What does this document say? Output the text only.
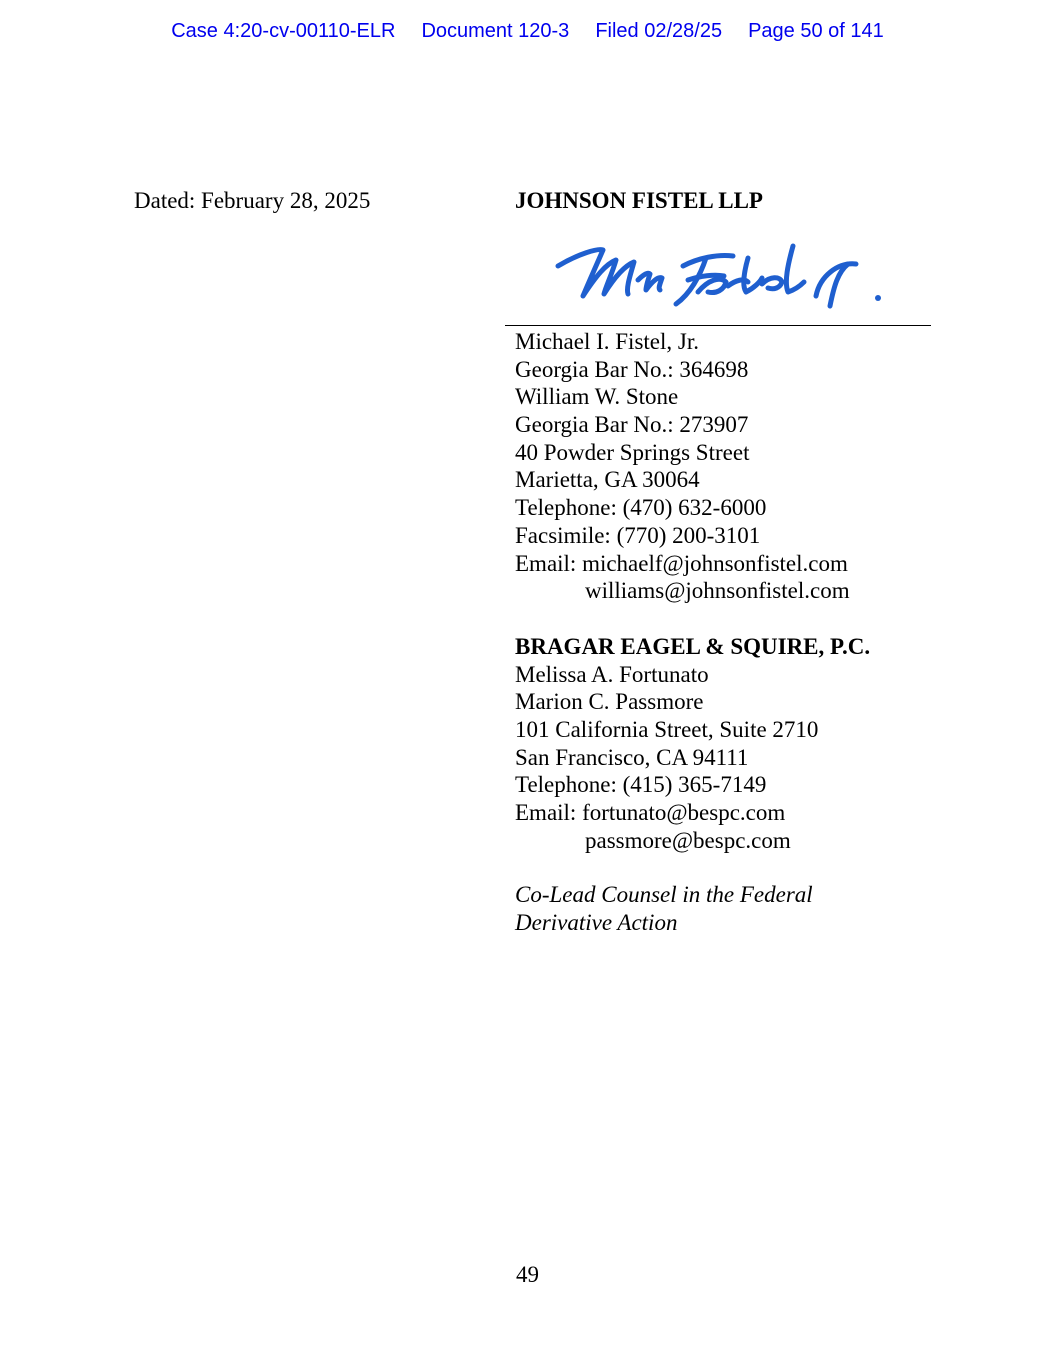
Case 4:20-cv-00110-ELR Document 120-3 Filed 02/28/25 Page 50 of 141
Dated: February 28, 2025	JOHNSON FISTEL LLP
Michael I. Fistel, Jr.
Georgia Bar No.: 364698
William W. Stone
Georgia Bar No.: 273907
40 Powder Springs Street
Marietta, GA 30064
Telephone: (470) 632-6000
Facsimile: (770) 200-3101
Email: michaelf@johnsonfistel.com
williams@johnsonfistel.com
BRAGAR EAGEL & SQUIRE, P.C.
Melissa A. Fortunato
Marion C. Passmore
101 California Street, Suite 2710
San Francisco, CA 94111
Telephone: (415) 365-7149
Email: fortunato@bespc.com
passmore@bespc.com
Co-Lead Counsel in the Federal
Derivative Action
49
